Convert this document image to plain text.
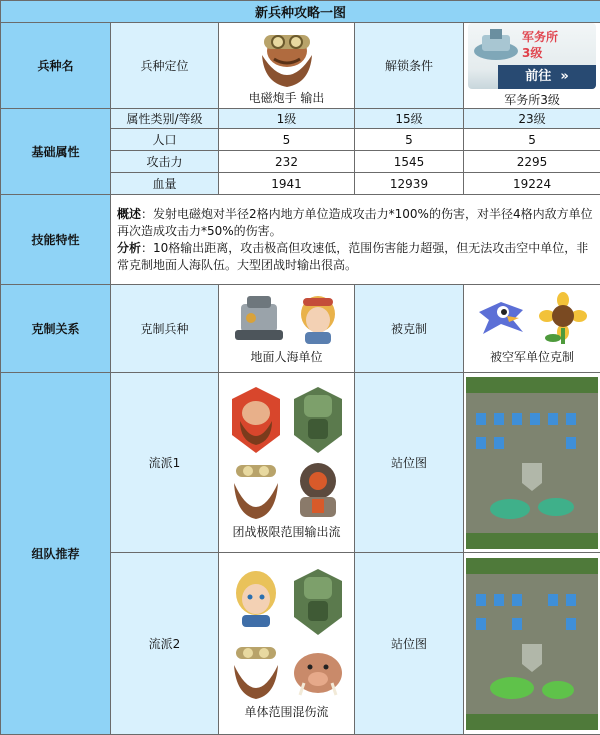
新兵种攻略一图				
兵种名	兵种定位	电磁炮手 输出	解锁条件	军务所
3级
前往  »
军务所3级

基础属性	属性类别/等级	1级	15级	23级
	人口	5	5	5
	攻击力	232	1545	2295
	血量	1941	12939	19224
技能特性	概述：发射电磁炮对半径2格内地方单位造成攻击力*100%的伤害，对半径4格内敌方单位再次造成攻击力*50%的伤害。
分析：10格输出距离，攻击极高但攻速低，范围伤害能力超强，但无法攻击空中单位，非常克制地面人海队伍。大型团战时输出很高。			

克制关系	克制兵种	地面人海单位	被克制	被空军单位克制

组队推荐	流派1	团战极限范围输出流	站位图	

	流派2	单体范围混伤流	站位图	
